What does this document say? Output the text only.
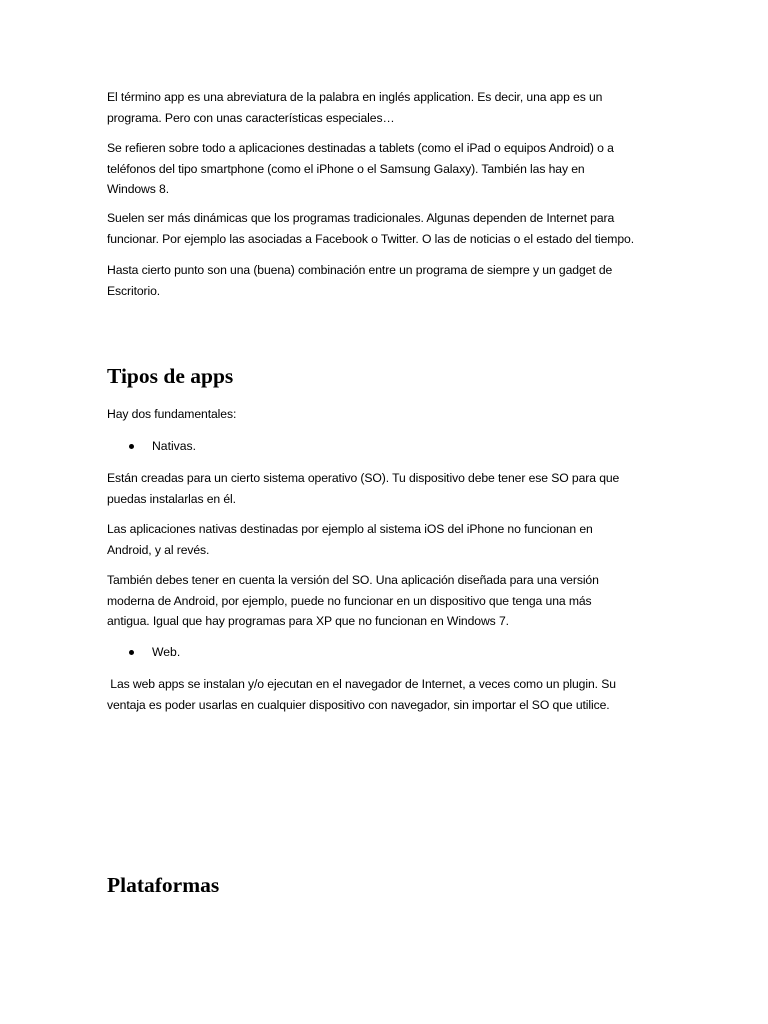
El término app es una abreviatura de la palabra en inglés application. Es decir, una app es un
programa. Pero con unas características especiales…

Se refieren sobre todo a aplicaciones destinadas a tablets (como el iPad o equipos Android) o a
teléfonos del tipo smartphone (como el iPhone o el Samsung Galaxy). También las hay en
Windows 8.

Suelen ser más dinámicas que los programas tradicionales. Algunas dependen de Internet para
funcionar. Por ejemplo las asociadas a Facebook o Twitter. O las de noticias o el estado del tiempo.

Hasta cierto punto son una (buena) combinación entre un programa de siempre y un gadget de
Escritorio.

Tipos de apps

Hay dos fundamentales:

Nativas.

Están creadas para un cierto sistema operativo (SO). Tu dispositivo debe tener ese SO para que
puedas instalarlas en él.

Las aplicaciones nativas destinadas por ejemplo al sistema iOS del iPhone no funcionan en
Android, y al revés.

También debes tener en cuenta la versión del SO. Una aplicación diseñada para una versión
moderna de Android, por ejemplo, puede no funcionar en un dispositivo que tenga una más
antigua. Igual que hay programas para XP que no funcionan en Windows 7.

Web.

Las web apps se instalan y/o ejecutan en el navegador de Internet, a veces como un plugin. Su
ventaja es poder usarlas en cualquier dispositivo con navegador, sin importar el SO que utilice.

Plataformas
